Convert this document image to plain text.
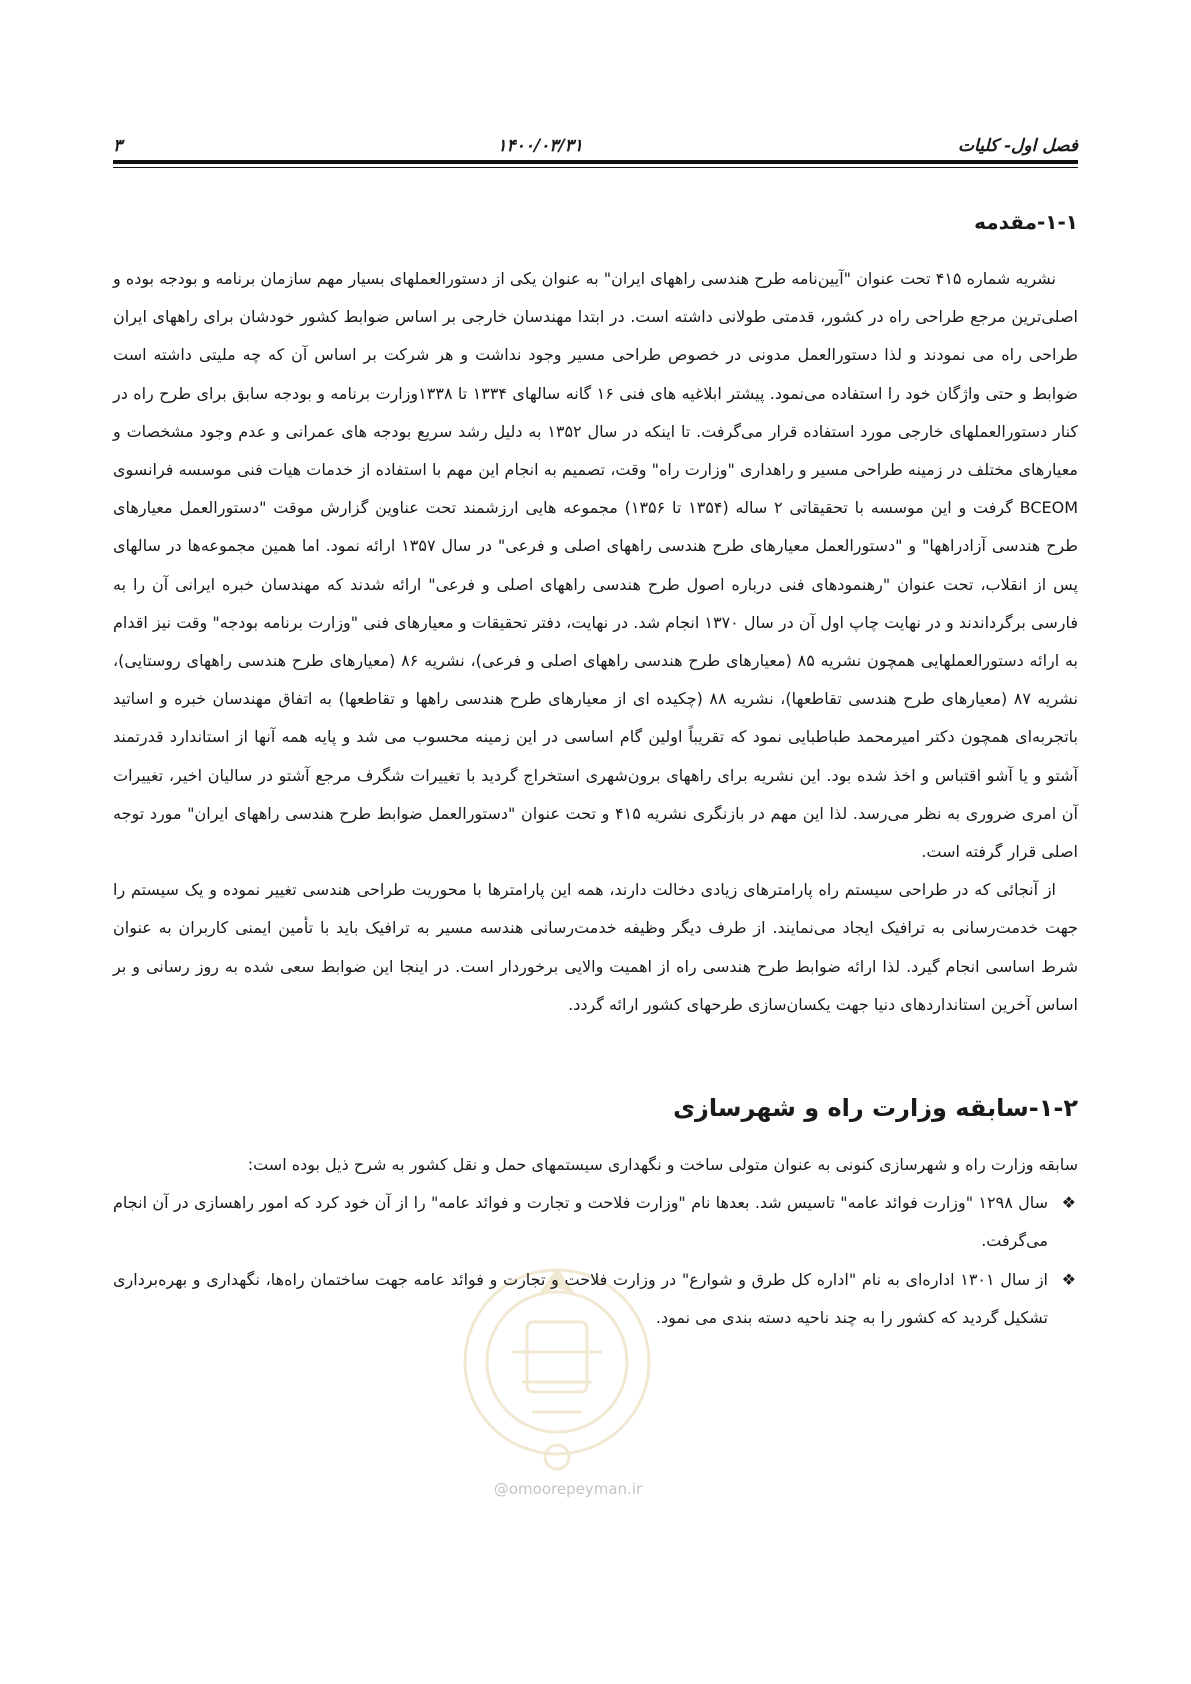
فصل اول- کلیات
۱۴۰۰/۰۳/۳۱
۳
@omoorepeyman.ir
۱-۱-مقدمه

نشریه شماره ۴۱۵ تحت عنوان "آیین‌نامه طرح هندسی راههای ایران" به عنوان یکی از دستورالعملهای بسیار مهم سازمان برنامه و بودجه بوده و اصلی‌ترین مرجع طراحی راه در کشور، قدمتی طولانی داشته است. در ابتدا مهندسان خارجی بر اساس ضوابط کشور خودشان برای راههای ایران طراحی راه می نمودند و لذا دستورالعمل مدونی در خصوص طراحی مسیر وجود نداشت و هر شرکت بر اساس آن که چه ملیتی داشته است ضوابط و حتی واژگان خود را استفاده می‌نمود. پیشتر ابلاغیه های فنی ۱۶ گانه سالهای ۱۳۳۴ تا ۱۳۳۸وزارت برنامه و بودجه سابق برای طرح راه در کنار دستورالعملهای خارجی مورد استفاده قرار می‌گرفت. تا اینکه در سال ۱۳۵۲ به دلیل رشد سریع بودجه های عمرانی و عدم وجود مشخصات و معیارهای مختلف در زمینه طراحی مسیر و راهداری "وزارت راه" وقت، تصمیم به انجام این مهم با استفاده از خدمات هیات فنی موسسه فرانسوی BCEOM گرفت و این موسسه با تحقیقاتی ۲ ساله (۱۳۵۴ تا ۱۳۵۶) مجموعه هایی ارزشمند تحت عناوین گزارش موقت "دستورالعمل معیارهای طرح هندسی آزادراهها" و "دستورالعمل معیارهای طرح هندسی راههای اصلی و فرعی" در سال ۱۳۵۷ ارائه نمود. اما همین مجموعه‌ها در سالهای پس از انقلاب، تحت عنوان "رهنمودهای فنی درباره اصول طرح هندسی راههای اصلی و فرعی" ارائه شدند که مهندسان خبره ایرانی آن را به فارسی برگرداندند و در نهایت چاپ اول آن در سال ۱۳۷۰ انجام شد. در نهایت، دفتر تحقیقات و معیارهای فنی "وزارت برنامه بودجه" وقت نیز اقدام به ارائه دستورالعملهایی همچون نشریه ۸۵ (معیارهای طرح هندسی راههای اصلی و فرعی)، نشریه ۸۶ (معیارهای طرح هندسی راههای روستایی)، نشریه ۸۷ (معیارهای طرح هندسی تقاطعها)، نشریه ۸۸ (چکیده ای از معیارهای طرح هندسی راهها و تقاطعها) به اتفاق مهندسان خبره و اساتید باتجربه‌ای همچون دکتر امیرمحمد طباطبایی نمود که تقریباً اولین گام اساسی در این زمینه محسوب می شد و پایه همه آنها از استاندارد قدرتمند آشتو و یا آشو اقتباس و اخذ شده بود. این نشریه برای راههای برون‌شهری استخراج گردید با تغییرات شگرف مرجع آشتو در سالیان اخیر، تغییرات آن امری ضروری به نظر می‌رسد. لذا این مهم در بازنگری نشریه ۴۱۵ و تحت عنوان "دستورالعمل ضوابط طرح هندسی راههای ایران" مورد توجه اصلی قرار گرفته است.

از آنجائی که در طراحی سیستم راه پارامترهای زیادی دخالت دارند، همه این پارامترها با محوریت طراحی هندسی تغییر نموده و یک سیستم را جهت خدمت‌رسانی به ترافیک ایجاد می‌نمایند. از طرف دیگر وظیفه خدمت‌رسانی هندسه مسیر به ترافیک باید با تأمین ایمنی کاربران به عنوان شرط اساسی انجام گیرد. لذا ارائه ضوابط طرح هندسی راه از اهمیت والایی برخوردار است. در اینجا این ضوابط سعی شده به روز رسانی و بر اساس آخرین استانداردهای دنیا جهت یکسان‌سازی طرحهای کشور ارائه گردد.

۱-۲-سابقه وزارت راه و شهرسازی

سابقه وزارت راه و شهرسازی کنونی به عنوان متولی ساخت و نگهداری سیستمهای حمل و نقل کشور به شرح ذیل بوده است:

❖
سال ۱۲۹۸ "وزارت فوائد عامه" تاسیس شد. بعدها نام "وزارت فلاحت و تجارت و فوائد عامه" را از آن خود کرد که امور راهسازی در آن انجام می‌گرفت.
❖
از سال ۱۳۰۱ اداره‌ای به نام "اداره کل طرق و شوارع" در وزارت فلاحت و تجارت و فوائد عامه جهت ساختمان راه‌ها، نگهداری و بهره‌برداری تشکیل گردید که کشور را به چند ناحیه دسته بندی می نمود.
